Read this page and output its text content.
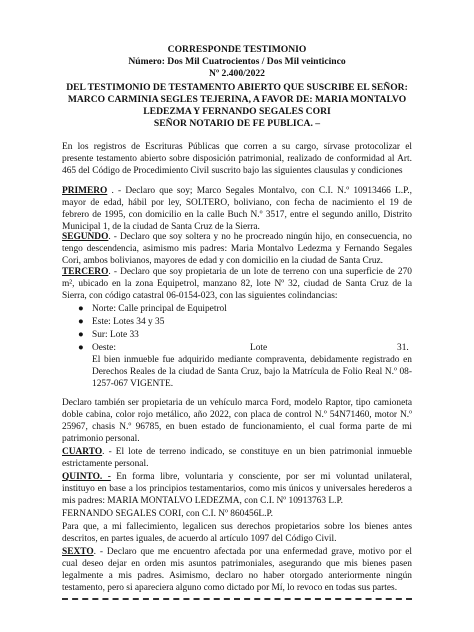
CORRESPONDE TESTIMONIO
Número: Dos Mil Cuatrocientos / Dos Mil veinticinco
Nº 2.400/2022
DEL TESTIMONIO DE TESTAMENTO ABIERTO QUE SUSCRIBE EL SEÑOR:
MARCO CARMINIA SEGLES TEJERINA, A FAVOR DE: MARIA MONTALVO
LEDEZMA Y FERNANDO SEGALES CORI
SEÑOR NOTARIO DE FE PUBLICA. –
En los registros de Escrituras Públicas que corren a su cargo, sírvase protocolizar el
presente testamento abierto sobre disposición patrimonial, realizado de conformidad al Art.
465 del Código de Procedimiento Civil suscrito bajo las siguientes clausulas y condiciones
PRIMERO . - Declaro que soy; Marco Segales Montalvo, con C.I. N.º 10913466 L.P.,
mayor de edad, hábil por ley, SOLTERO, boliviano, con fecha de nacimiento el 19 de
febrero de 1995, con domicilio en la calle Buch N.º 3517, entre el segundo anillo, Distrito
Municipal 1, de la ciudad de Santa Cruz de la Sierra.
SEGUNDO. - Declaro que soy soltera y no he procreado ningún hijo, en consecuencia, no
tengo descendencia, asimismo mis padres: Maria Montalvo Ledezma y Fernando Segales
Cori, ambos bolivianos, mayores de edad y con domicilio en la ciudad de Santa Cruz.
TERCERO. - Declaro que soy propietaria de un lote de terreno con una superficie de 270
m², ubicado en la zona Equipetrol, manzano 82, lote Nº 32, ciudad de Santa Cruz de la
Sierra, con código catastral 06-0154-023, con las siguientes colindancias:
● Norte: Calle principal de Equipetrol
● Este: Lotes 34 y 35
● Sur: Lote 33
● Oeste:	Lote	31.
El bien inmueble fue adquirido mediante compraventa, debidamente registrado en
Derechos Reales de la ciudad de Santa Cruz, bajo la Matrícula de Folio Real N.º 08-
1257-067 VIGENTE.
Declaro también ser propietaria de un vehículo marca Ford, modelo Raptor, tipo camioneta
doble cabina, color rojo metálico, año 2022, con placa de control N.º 54N71460, motor N.º
25967, chasis N.º 96785, en buen estado de funcionamiento, el cual forma parte de mi
patrimonio personal.
CUARTO. - El lote de terreno indicado, se constituye en un bien patrimonial inmueble
estrictamente personal.
QUINTO. - En forma libre, voluntaria y consciente, por ser mi voluntad unilateral,
instituyo en base a los principios testamentarios, como mis únicos y universales herederos a
mis padres: MARIA MONTALVO LEDEZMA, con C.I. Nº 10913763 L.P.
FERNANDO SEGALES CORI, con C.I. Nº 860456L.P.
Para que, a mi fallecimiento, legalicen sus derechos propietarios sobre los bienes antes
descritos, en partes iguales, de acuerdo al artículo 1097 del Código Civil.
SEXTO. - Declaro que me encuentro afectada por una enfermedad grave, motivo por el
cual deseo dejar en orden mis asuntos patrimoniales, asegurando que mis bienes pasen
legalmente a mis padres. Asimismo, declaro no haber otorgado anteriormente ningún
testamento, pero si apareciera alguno como dictado por Mí, lo revoco en todas sus partes.
